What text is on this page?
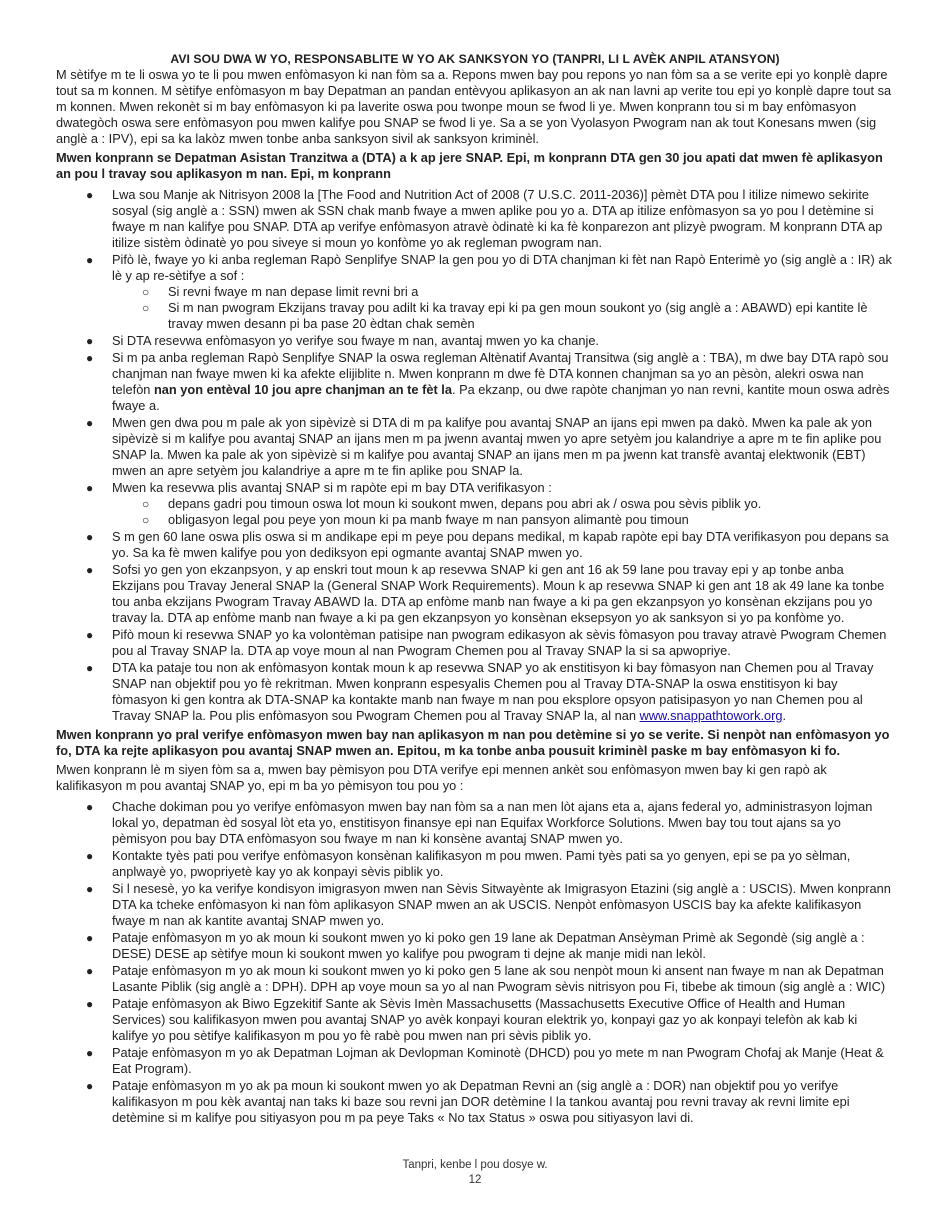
AVI SOU DWA W YO, RESPONSABLITE W YO AK SANKSYON YO (TANPRI, LI L AVÈK ANPIL ATANSYON)

M sètifye m te li oswa yo te li pou mwen enfòmasyon ki nan fòm sa a. Repons mwen bay pou repons yo nan fòm sa a se verite epi yo konplè dapre tout sa m konnen. M sètifye enfòmasyon m bay Depatman an pandan entèvyou aplikasyon an ak nan lavni ap verite tou epi yo konplè dapre tout sa m konnen. Mwen rekonèt si m bay enfòmasyon ki pa laverite oswa pou twonpe moun se fwod li ye. Mwen konprann tou si m bay enfòmasyon dwategòch oswa sere enfòmasyon pou mwen kalifye pou SNAP se fwod li ye. Sa a se yon Vyolasyon Pwogram nan ak tout Konesans mwen (sig anglè a : IPV), epi sa ka lakòz mwen tonbe anba sanksyon sivil ak sanksyon kriminèl.

Mwen konprann se Depatman Asistan Tranzitwa a (DTA) a k ap jere SNAP. Epi, m konprann DTA gen 30 jou apati dat mwen fè aplikasyon an pou l travay sou aplikasyon m nan. Epi, m konprann

● Lwa sou Manje ak Nitrisyon 2008 la [The Food and Nutrition Act of 2008 (7 U.S.C. 2011-2036)] pèmèt DTA pou l itilize nimewo sekirite sosyal (sig anglè a : SSN) mwen ak SSN chak manb fwaye a mwen aplike pou yo a. DTA ap itilize enfòmasyon sa yo pou l detèmine si fwaye m nan kalifye pou SNAP. DTA ap verifye enfòmasyon atravè òdinatè ki ka fè konparezon ant plizyè pwogram. M konprann DTA ap itilize sistèm òdinatè yo pou siveye si moun yo konfòme yo ak regleman pwogram nan.
● Pifò lè, fwaye yo ki anba regleman Rapò Senplifye SNAP la gen pou yo di DTA chanjman ki fèt nan Rapò Enterimè yo (sig anglè a : IR) ak lè y ap re-sètifye a sof :
○ Si revni fwaye m nan depase limit revni bri a
○ Si m nan pwogram Ekzijans travay pou adilt ki ka travay epi ki pa gen moun soukont yo (sig anglè a : ABAWD) epi kantite lè travay mwen desann pi ba pase 20 èdtan chak semèn
● Si DTA resevwa enfòmasyon yo verifye sou fwaye m nan, avantaj mwen yo ka chanje.
● Si m pa anba regleman Rapò Senplifye SNAP la oswa regleman Altènatif Avantaj Transitwa (sig anglè a : TBA), m dwe bay DTA rapò sou chanjman nan fwaye mwen ki ka afekte elijiblite n. Mwen konprann m dwe fè DTA konnen chanjman sa yo an pèsòn, alekri oswa nan telefòn nan yon entèval 10 jou apre chanjman an te fèt la. Pa ekzanp, ou dwe rapòte chanjman yo nan revni, kantite moun oswa adrès fwaye a.
● Mwen gen dwa pou m pale ak yon sipèvizè si DTA di m pa kalifye pou avantaj SNAP an ijans epi mwen pa dakò. Mwen ka pale ak yon sipèvizè si m kalifye pou avantaj SNAP an ijans men m pa jwenn avantaj mwen yo apre setyèm jou kalandriye a apre m te fin aplike pou SNAP la. Mwen ka pale ak yon sipèvizè si m kalifye pou avantaj SNAP an ijans men m pa jwenn kat transfè avantaj elektwonik (EBT) mwen an apre setyèm jou kalandriye a apre m te fin aplike pou SNAP la.
● Mwen ka resevwa plis avantaj SNAP si m rapòte epi m bay DTA verifikasyon :
○ depans gadri pou timoun oswa lot moun ki soukont mwen, depans pou abri ak / oswa pou sèvis piblik yo.
○ obligasyon legal pou peye yon moun ki pa manb fwaye m nan pansyon alimantè pou timoun
● S m gen 60 lane oswa plis oswa si m andikape epi m peye pou depans medikal, m kapab rapòte epi bay DTA verifikasyon pou depans sa yo. Sa ka fè mwen kalifye pou yon dediksyon epi ogmante avantaj SNAP mwen yo.
● Sofsi yo gen yon ekzanpsyon, y ap enskri tout moun k ap resevwa SNAP ki gen ant 16 ak 59 lane pou travay epi y ap tonbe anba Ekzijans pou Travay Jeneral SNAP la (General SNAP Work Requirements). Moun k ap resevwa SNAP ki gen ant 18 ak 49 lane ka tonbe tou anba ekzijans Pwogram Travay ABAWD la. DTA ap enfòme manb nan fwaye a ki pa gen ekzanpsyon yo konsènan ekzijans pou yo travay la. DTA ap enfòme manb nan fwaye a ki pa gen ekzanpsyon yo konsènan eksepsyon yo ak sanksyon si yo pa konfòme yo.
● Pifò moun ki resevwa SNAP yo ka volontèman patisipe nan pwogram edikasyon ak sèvis fòmasyon pou travay atravè Pwogram Chemen pou al Travay SNAP la. DTA ap voye moun al nan Pwogram Chemen pou al Travay SNAP la si sa apwopriye.
● DTA ka pataje tou non ak enfòmasyon kontak moun k ap resevwa SNAP yo ak enstitisyon ki bay fòmasyon nan Chemen pou al Travay SNAP nan objektif pou yo fè rekritman. Mwen konprann espesyalis Chemen pou al Travay DTA-SNAP la oswa enstitisyon ki bay fòmasyon ki gen kontra ak DTA-SNAP ka kontakte manb nan fwaye m nan pou eksplore opsyon patisipasyon yo nan Chemen pou al Travay SNAP la. Pou plis enfòmasyon sou Pwogram Chemen pou al Travay SNAP la, al nan www.snappathtowork.org.

Mwen konprann yo pral verifye enfòmasyon mwen bay nan aplikasyon m nan pou detèmine si yo se verite. Si nenpòt nan enfòmasyon yo fo, DTA ka rejte aplikasyon pou avantaj SNAP mwen an. Epitou, m ka tonbe anba pousuit kriminèl paske m bay enfòmasyon ki fo.

Mwen konprann lè m siyen fòm sa a, mwen bay pèmisyon pou DTA verifye epi mennen ankèt sou enfòmasyon mwen bay ki gen rapò ak kalifikasyon m pou avantaj SNAP yo, epi m ba yo pèmisyon tou pou yo :

● Chache dokiman pou yo verifye enfòmasyon mwen bay nan fòm sa a nan men lòt ajans eta a, ajans federal yo, administrasyon lojman lokal yo, depatman èd sosyal lòt eta yo, enstitisyon finansye epi nan Equifax Workforce Solutions. Mwen bay tou tout ajans sa yo pèmisyon pou bay DTA enfòmasyon sou fwaye m nan ki konsène avantaj SNAP mwen yo.
● Kontakte tyès pati pou verifye enfòmasyon konsènan kalifikasyon m pou mwen. Pami tyès pati sa yo genyen, epi se pa yo sèlman, anplwayè yo, pwopriyetè kay yo ak konpayi sèvis piblik yo.
● Si l nesesè, yo ka verifye kondisyon imigrasyon mwen nan Sèvis Sitwayènte ak Imigrasyon Etazini (sig anglè a : USCIS). Mwen konprann DTA ka tcheke enfòmasyon ki nan fòm aplikasyon SNAP mwen an ak USCIS. Nenpòt enfòmasyon USCIS bay ka afekte kalifikasyon fwaye m nan ak kantite avantaj SNAP mwen yo.
● Pataje enfòmasyon m yo ak moun ki soukont mwen yo ki poko gen 19 lane ak Depatman Ansèyman Primè ak Segondè (sig anglè a : DESE) DESE ap sètifye moun ki soukont mwen yo kalifye pou pwogram ti dejne ak manje midi nan lekòl.
● Pataje enfòmasyon m yo ak moun ki soukont mwen yo ki poko gen 5 lane ak sou nenpòt moun ki ansent nan fwaye m nan ak Depatman Lasante Piblik (sig anglè a : DPH). DPH ap voye moun sa yo al nan Pwogram sèvis nitrisyon pou Fi, tibebe ak timoun (sig anglè a : WIC)
● Pataje enfòmasyon ak Biwo Egzekitif Sante ak Sèvis Imèn Massachusetts (Massachusetts Executive Office of Health and Human Services) sou kalifikasyon mwen pou avantaj SNAP yo avèk konpayi kouran elektrik yo, konpayi gaz yo ak konpayi telefòn ak kab ki kalifye yo pou sètifye kalifikasyon m pou yo fè rabè pou mwen nan pri sèvis piblik yo.
● Pataje enfòmasyon m yo ak Depatman Lojman ak Devlopman Kominotè (DHCD) pou yo mete m nan Pwogram Chofaj ak Manje (Heat & Eat Program).
● Pataje enfòmasyon m yo ak pa moun ki soukont mwen yo ak Depatman Revni an (sig anglè a : DOR) nan objektif pou yo verifye kalifikasyon m pou kèk avantaj nan taks ki baze sou revni jan DOR detèmine l la tankou avantaj pou revni travay ak revni limite epi detèmine si m kalifye pou sitiyasyon pou m pa peye Taks « No tax Status » oswa pou sitiyasyon lavi di.
Tanpri, kenbe l pou dosye w.
12
